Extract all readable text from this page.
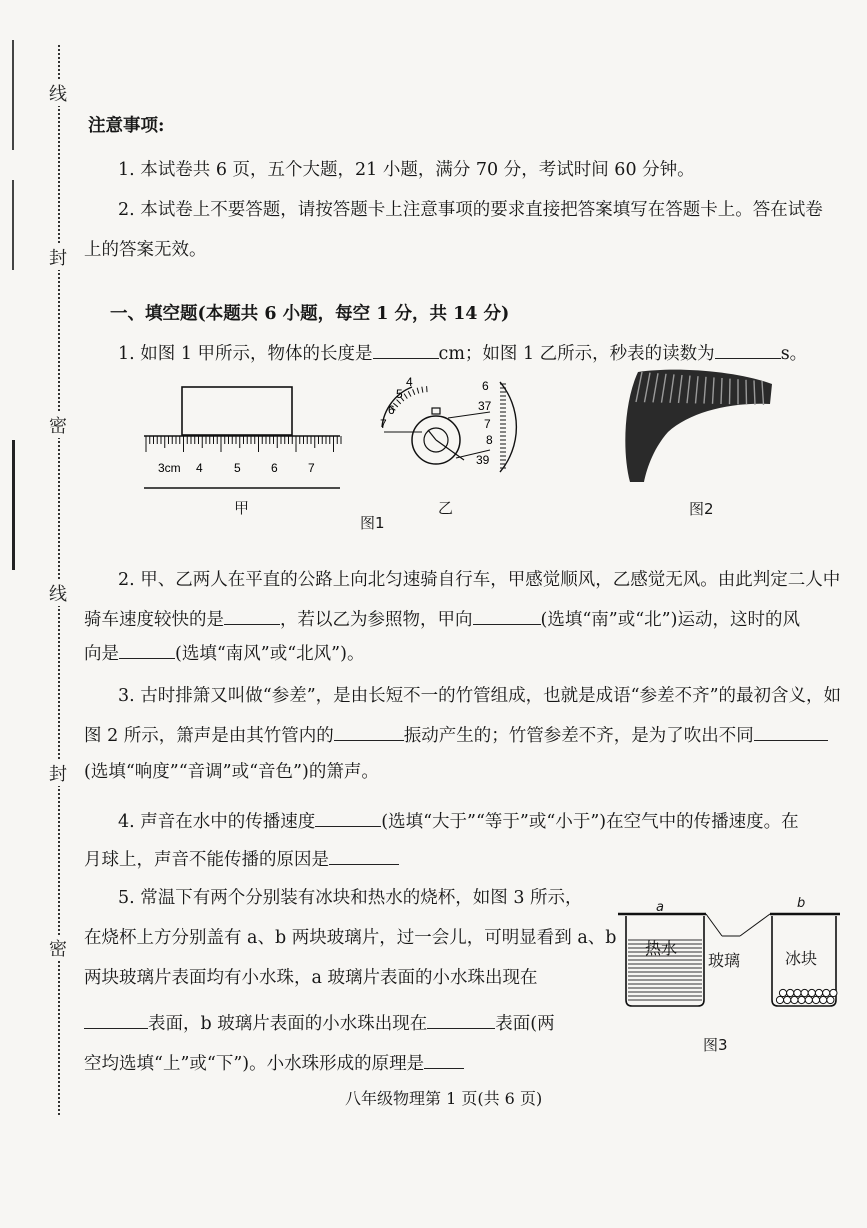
线
封
密
线
封
密
注意事项:
1. 本试卷共 6 页，五个大题，21 小题，满分 70 分，考试时间 60 分钟。
2. 本试卷上不要答题，请按答题卡上注意事项的要求直接把答案填写在答题卡上。答在试卷
上的答案无效。
一、填空题(本题共 6 小题，每空 1 分，共 14 分)
1. 如图 1 甲所示，物体的长度是	cm；如图 1 乙所示，秒表的读数为	s。
3cm 4	5	6	7
甲
4
5
6
7
6
37
7
8
39
乙
图1
图2
2. 甲、乙两人在平直的公路上向北匀速骑自行车，甲感觉顺风，乙感觉无风。由此判定二人中
骑车速度较快的是	，若以乙为参照物，甲向	(选填“南”或“北”)运动，这时的风
向是	(选填“南风”或“北风”)。
3. 古时排箫又叫做“参差”，是由长短不一的竹管组成，也就是成语“参差不齐”的最初含义，如
图 2 所示，箫声是由其竹管内的	振动产生的；竹管参差不齐，是为了吹出不同
(选填“响度”“音调”或“音色”)的箫声。
4. 声音在水中的传播速度	(选填“大于”“等于”或“小于”)在空气中的传播速度。在
月球上，声音不能传播的原因是
5. 常温下有两个分别装有冰块和热水的烧杯，如图 3 所示，
在烧杯上方分别盖有 a、b 两块玻璃片，过一会儿，可明显看到 a、b
两块玻璃片表面均有小水珠，a 玻璃片表面的小水珠出现在
表面，b 玻璃片表面的小水珠出现在	表面(两
空均选填“上”或“下”)。小水珠形成的原理是
a	b
热水
玻璃	冰块
图3
八年级物理第 1 页(共 6 页)
